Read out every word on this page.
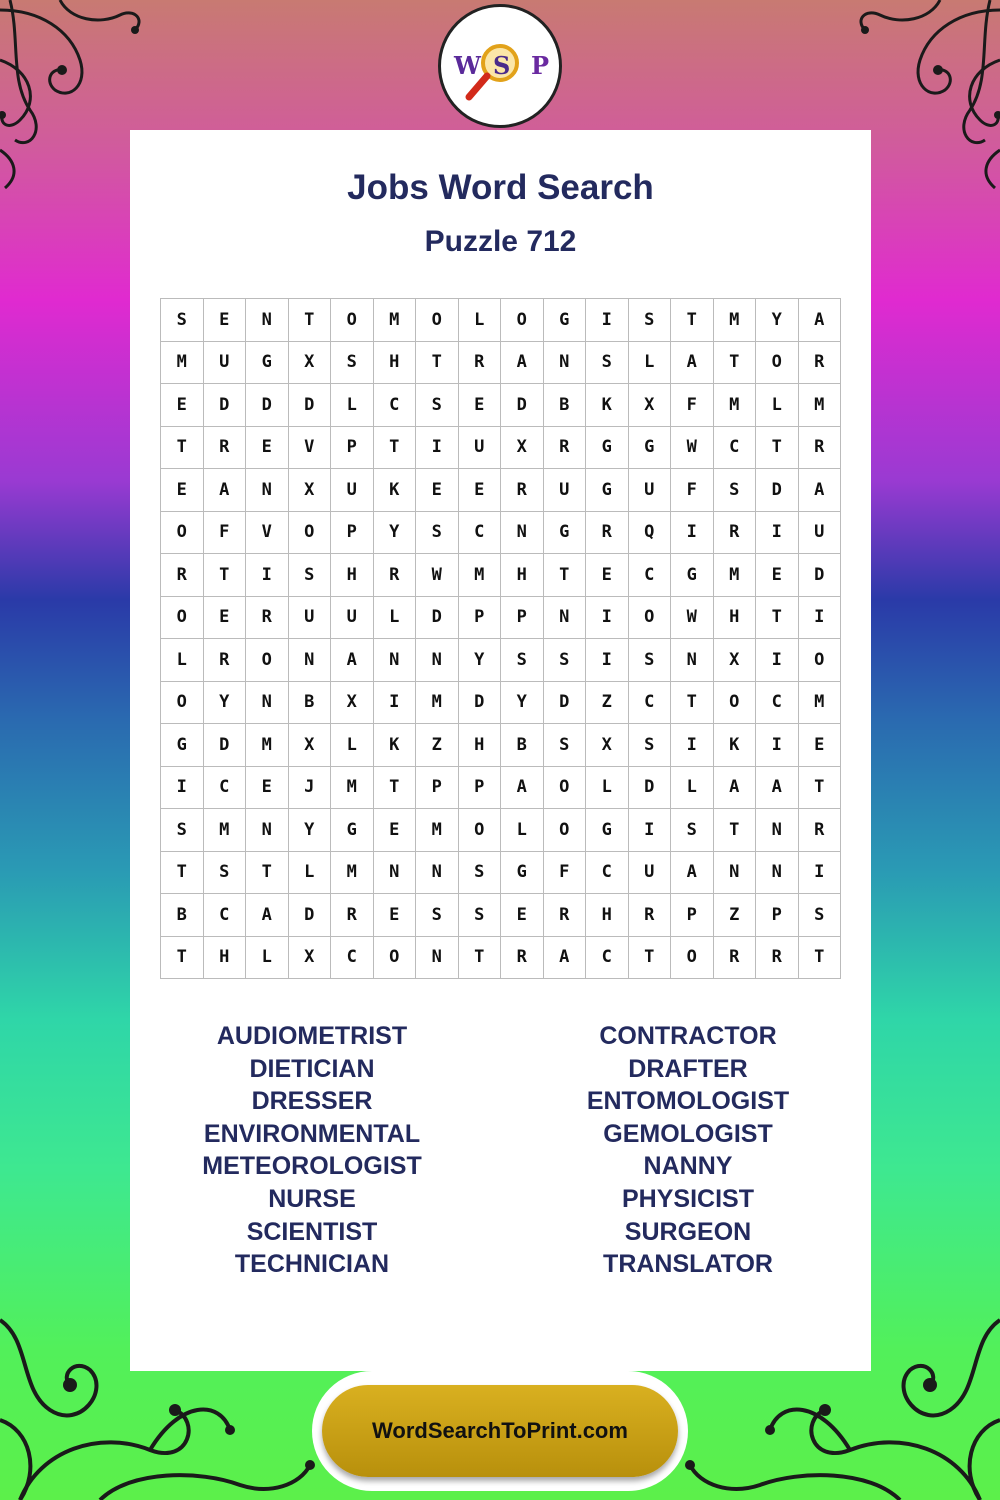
W S P
Jobs Word Search
Puzzle 712
S	E	N	T	O	M	O	L	O	G	I	S	T	M	Y	A
M	U	G	X	S	H	T	R	A	N	S	L	A	T	O	R
E	D	D	D	L	C	S	E	D	B	K	X	F	M	L	M
T	R	E	V	P	T	I	U	X	R	G	G	W	C	T	R
E	A	N	X	U	K	E	E	R	U	G	U	F	S	D	A
O	F	V	O	P	Y	S	C	N	G	R	Q	I	R	I	U
R	T	I	S	H	R	W	M	H	T	E	C	G	M	E	D
O	E	R	U	U	L	D	P	P	N	I	O	W	H	T	I
L	R	O	N	A	N	N	Y	S	S	I	S	N	X	I	O
O	Y	N	B	X	I	M	D	Y	D	Z	C	T	O	C	M
G	D	M	X	L	K	Z	H	B	S	X	S	I	K	I	E
I	C	E	J	M	T	P	P	A	O	L	D	L	A	A	T
S	M	N	Y	G	E	M	O	L	O	G	I	S	T	N	R
T	S	T	L	M	N	N	S	G	F	C	U	A	N	N	I
B	C	A	D	R	E	S	S	E	R	H	R	P	Z	P	S
T	H	L	X	C	O	N	T	R	A	C	T	O	R	R	T
AUDIOMETRIST
DIETICIAN
DRESSER
ENVIRONMENTAL
METEOROLOGIST
NURSE
SCIENTIST
TECHNICIAN
CONTRACTOR
DRAFTER
ENTOMOLOGIST
GEMOLOGIST
NANNY
PHYSICIST
SURGEON
TRANSLATOR
WordSearchToPrint.com
